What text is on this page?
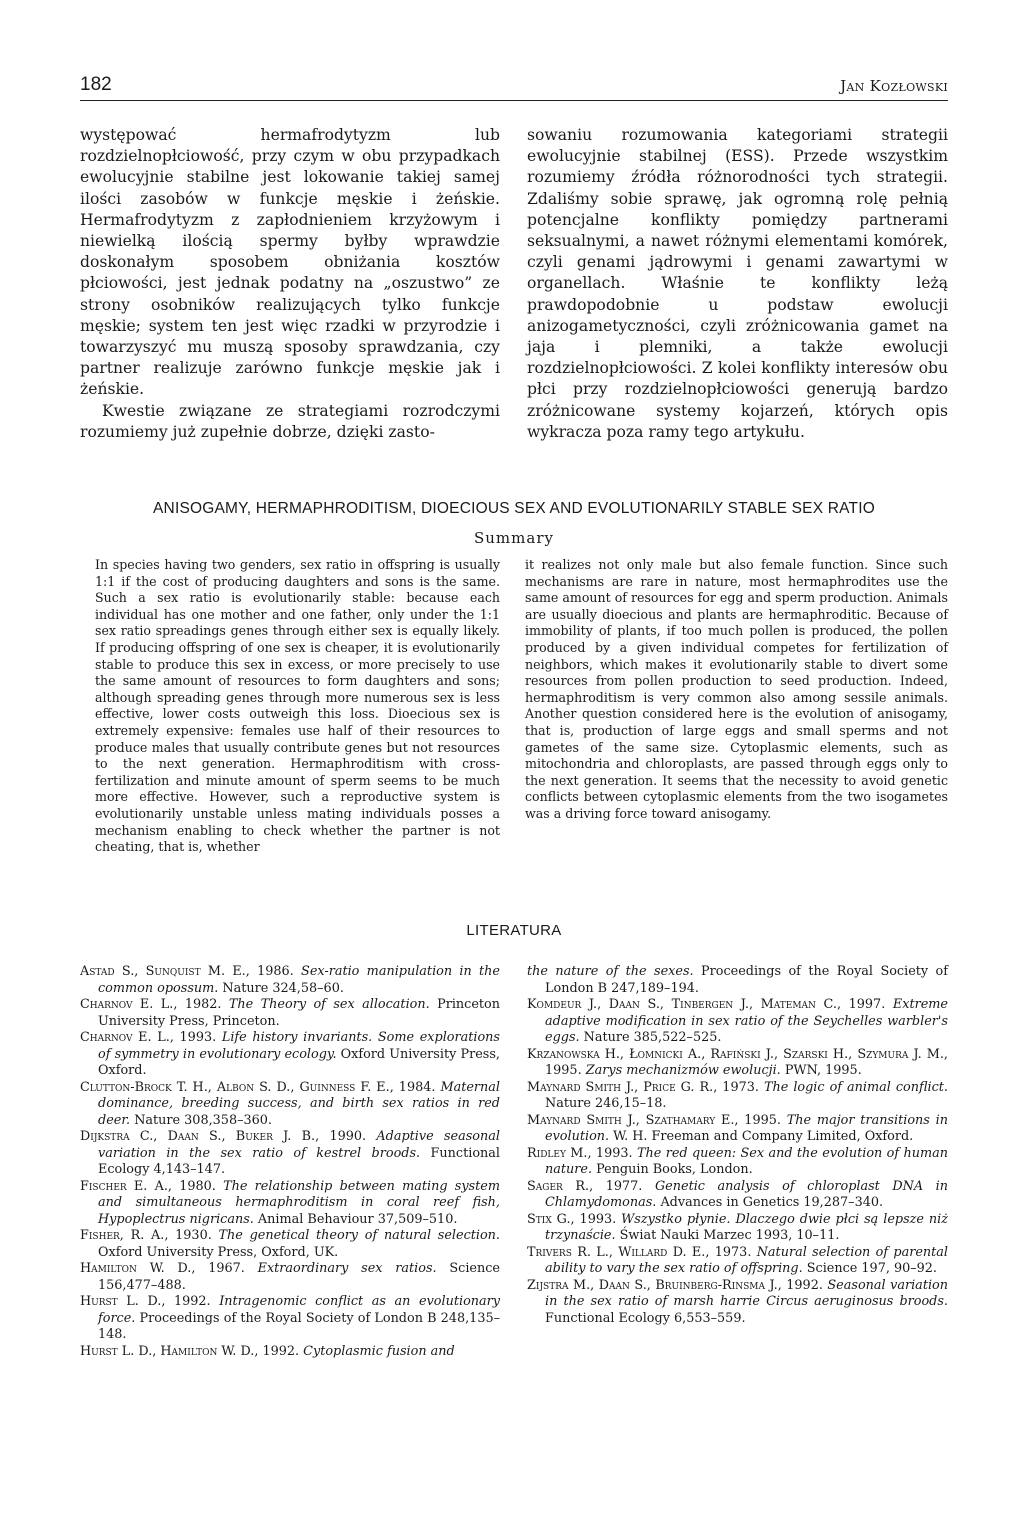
182	Jan Kozłowski

występować hermafrodytyzm lub rozdzielnopłciowość, przy czym w obu przypadkach ewolucyjnie stabilne jest lokowanie takiej samej ilości zasobów w funkcje męskie i żeńskie. Hermafrodytyzm z zapłodnieniem krzyżowym i niewielką ilością spermy byłby wprawdzie doskonałym sposobem obniżania kosztów płciowości, jest jednak podatny na „oszustwo” ze strony osobników realizujących tylko funkcje męskie; system ten jest więc rzadki w przyrodzie i towarzyszyć mu muszą sposoby sprawdzania, czy partner realizuje zarówno funkcje męskie jak i żeńskie.

Kwestie związane ze strategiami rozrodczymi rozumiemy już zupełnie dobrze, dzięki zasto-

sowaniu rozumowania kategoriami strategii ewolucyjnie stabilnej (ESS). Przede wszystkim rozumiemy źródła różnorodności tych strategii. Zdaliśmy sobie sprawę, jak ogromną rolę pełnią potencjalne konflikty pomiędzy partnerami seksualnymi, a nawet różnymi elementami komórek, czyli genami jądrowymi i genami zawartymi w organellach. Właśnie te konflikty leżą prawdopodobnie u podstaw ewolucji anizogametyczności, czyli zróżnicowania gamet na jaja i plemniki, a także ewolucji rozdzielnopłciowości. Z kolei konflikty interesów obu płci przy rozdzielnopłciowości generują bardzo zróżnicowane systemy kojarzeń, których opis wykracza poza ramy tego artykułu.

ANISOGAMY, HERMAPHRODITISM, DIOECIOUS SEX AND EVOLUTIONARILY STABLE SEX RATIO
Summary
In species having two genders, sex ratio in offspring is usually 1:1 if the cost of producing daughters and sons is the same. Such a sex ratio is evolutionarily stable: because each individual has one mother and one father, only under the 1:1 sex ratio spreadings genes through either sex is equally likely. If producing offspring of one sex is cheaper, it is evolutionarily stable to produce this sex in excess, or more precisely to use the same amount of resources to form daughters and sons; although spreading genes through more numerous sex is less effective, lower costs outweigh this loss. Dioecious sex is extremely expensive: females use half of their resources to produce males that usually contribute genes but not resources to the next generation. Hermaphroditism with cross-fertilization and minute amount of sperm seems to be much more effective. However, such a reproductive system is evolutionarily unstable unless mating individuals posses a mechanism enabling to check whether the partner is not cheating, that is, whether
it realizes not only male but also female function. Since such mechanisms are rare in nature, most hermaphrodites use the same amount of resources for egg and sperm production. Animals are usually dioecious and plants are hermaphroditic. Because of immobility of plants, if too much pollen is produced, the pollen produced by a given individual competes for fertilization of neighbors, which makes it evolutionarily stable to divert some resources from pollen production to seed production. Indeed, hermaphroditism is very common also among sessile animals. Another question considered here is the evolution of anisogamy, that is, production of large eggs and small sperms and not gametes of the same size. Cytoplasmic elements, such as mitochondria and chloroplasts, are passed through eggs only to the next generation. It seems that the necessity to avoid genetic conflicts between cytoplasmic elements from the two isogametes was a driving force toward anisogamy.
LITERATURA

Astad S., Sunquist M. E., 1986. Sex-ratio manipulation in the common opossum. Nature 324,58–60.

Charnov E. L., 1982. The Theory of sex allocation. Princeton University Press, Princeton.

Charnov E. L., 1993. Life history invariants. Some explorations of symmetry in evolutionary ecology. Oxford University Press, Oxford.

Clutton-Brock T. H., Albon S. D., Guinness F. E., 1984. Maternal dominance, breeding success, and birth sex ratios in red deer. Nature 308,358–360.

Dijkstra C., Daan S., Buker J. B., 1990. Adaptive seasonal variation in the sex ratio of kestrel broods. Functional Ecology 4,143–147.

Fischer E. A., 1980. The relationship between mating system and simultaneous hermaphroditism in coral reef fish, Hypoplectrus nigricans. Animal Behaviour 37,509–510.

Fisher, R. A., 1930. The genetical theory of natural selection. Oxford University Press, Oxford, UK.

Hamilton W. D., 1967. Extraordinary sex ratios. Science 156,477–488.

Hurst L. D., 1992. Intragenomic conflict as an evolutionary force. Proceedings of the Royal Society of London B 248,135–148.

Hurst L. D., Hamilton W. D., 1992. Cytoplasmic fusion and

the nature of the sexes. Proceedings of the Royal Society of London B 247,189–194.

Komdeur J., Daan S., Tinbergen J., Mateman C., 1997. Extreme adaptive modification in sex ratio of the Seychelles warbler's eggs. Nature 385,522–525.

Krzanowska H., Łomnicki A., Rafiński J., Szarski H., Szymura J. M., 1995. Zarys mechanizmów ewolucji. PWN, 1995.

Maynard Smith J., Price G. R., 1973. The logic of animal conflict. Nature 246,15–18.

Maynard Smith J., Szathamary E., 1995. The major transitions in evolution. W. H. Freeman and Company Limited, Oxford.

Ridley M., 1993. The red queen: Sex and the evolution of human nature. Penguin Books, London.

Sager R., 1977. Genetic analysis of chloroplast DNA in Chlamydomonas. Advances in Genetics 19,287–340.

Stix G., 1993. Wszystko płynie. Dlaczego dwie płci są lepsze niż trzynaście. Świat Nauki Marzec 1993, 10–11.

Trivers R. L., Willard D. E., 1973. Natural selection of parental ability to vary the sex ratio of offspring. Science 197, 90–92.

Zijstra M., Daan S., Bruinberg-Rinsma J., 1992. Seasonal variation in the sex ratio of marsh harrie Circus aeruginosus broods. Functional Ecology 6,553–559.
